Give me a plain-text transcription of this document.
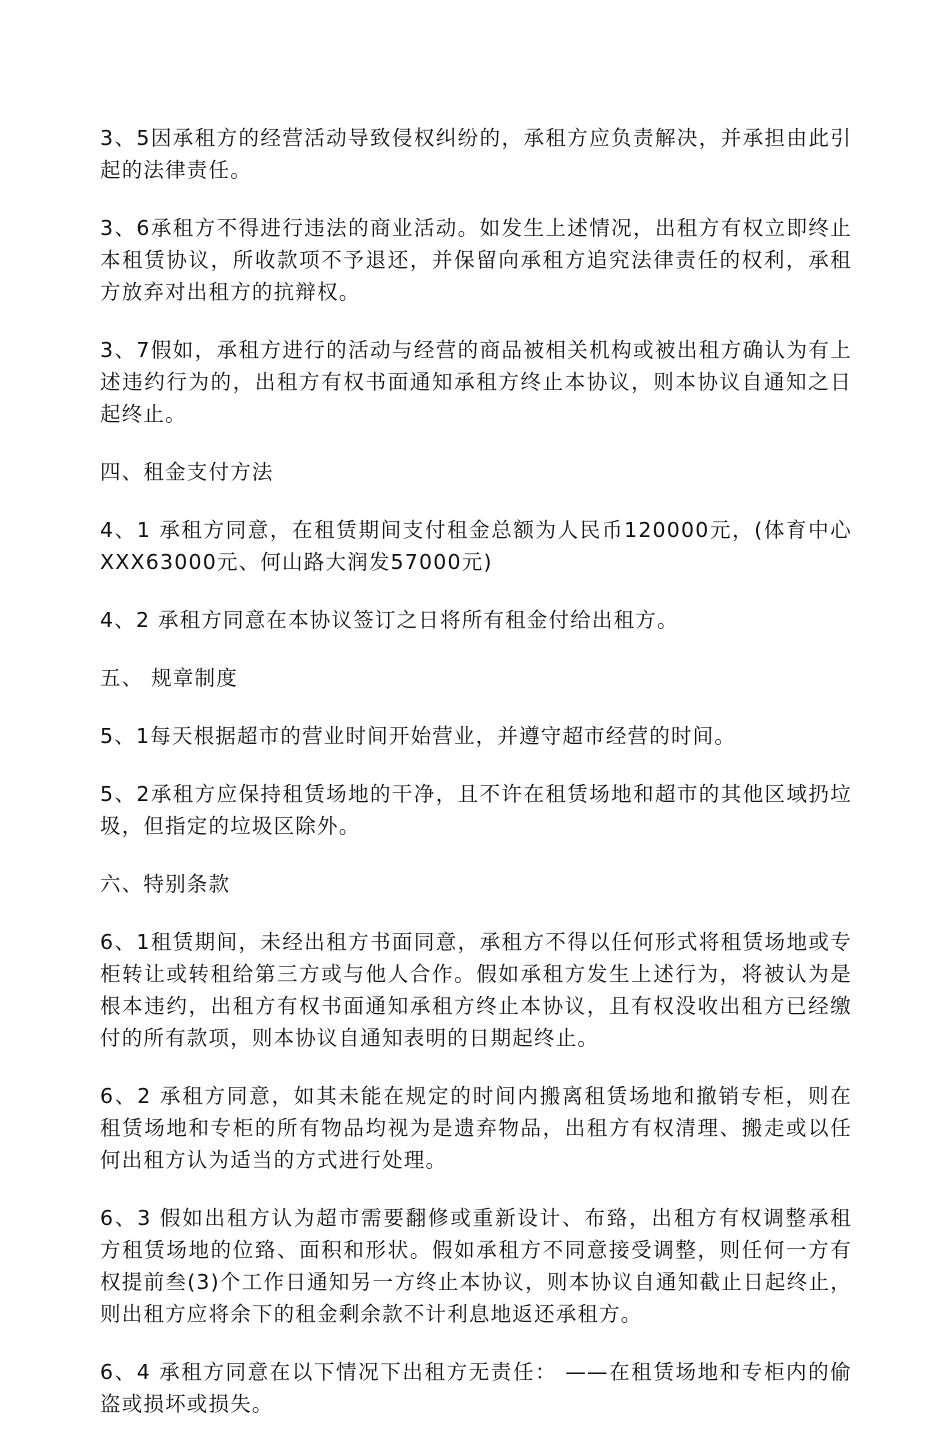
3、5因承租方的经营活动导致侵权纠纷的，承租方应负责解决，并承担由此引起的法律责任。

3、6承租方不得进行违法的商业活动。如发生上述情况，出租方有权立即终止本租赁协议，所收款项不予退还，并保留向承租方追究法律责任的权利，承租方放弃对出租方的抗辩权。

3、7假如，承租方进行的活动与经营的商品被相关机构或被出租方确认为有上述违约行为的，出租方有权书面通知承租方终止本协议，则本协议自通知之日起终止。

四、租金支付方法

4、1 承租方同意，在租赁期间支付租金总额为人民币120000元，(体育中心XXX63000元、何山路大润发57000元)

4、2 承租方同意在本协议签订之日将所有租金付给出租方。

五、 规章制度

5、1每天根据超市的营业时间开始营业，并遵守超市经营的时间。

5、2承租方应保持租赁场地的干净，且不许在租赁场地和超市的其他区域扔垃圾，但指定的垃圾区除外。

六、特别条款

6、1租赁期间，未经出租方书面同意，承租方不得以任何形式将租赁场地或专柜转让或转租给第三方或与他人合作。假如承租方发生上述行为，将被认为是根本违约，出租方有权书面通知承租方终止本协议，且有权没收出租方已经缴付的所有款项，则本协议自通知表明的日期起终止。

6、2 承租方同意，如其未能在规定的时间内搬离租赁场地和撤销专柜，则在租赁场地和专柜的所有物品均视为是遗弃物品，出租方有权清理、搬走或以任何出租方认为适当的方式进行处理。

6、3 假如出租方认为超市需要翻修或重新设计、布臵，出租方有权调整承租方租赁场地的位臵、面积和形状。假如承租方不同意接受调整，则任何一方有权提前叁(3)个工作日通知另一方终止本协议，则本协议自通知截止日起终止，则出租方应将余下的租金剩余款不计利息地返还承租方。

6、4 承租方同意在以下情况下出租方无责任： ——在租赁场地和专柜内的偷盗或损坏或损失。
